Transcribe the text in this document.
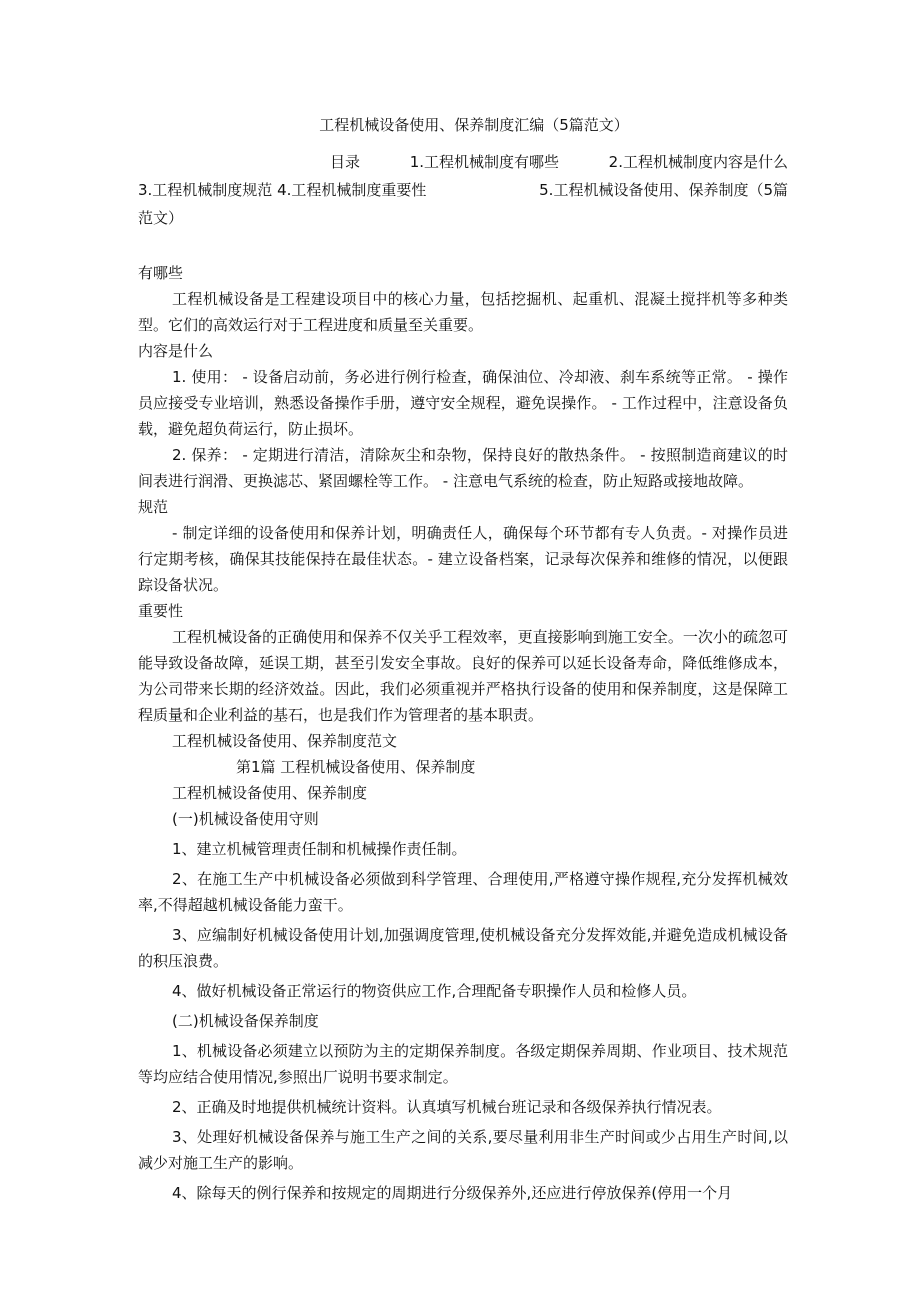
工程机械设备使用、保养制度汇编（5篇范文）
目录	1.工程机械制度有哪些	2.工程机械制度内容是什么
3.工程机械制度规范 4.工程机械制度重要性	5.工程机械设备使用、保养制度（5篇
范文）
有哪些

工程机械设备是工程建设项目中的核心力量，包括挖掘机、起重机、混凝土搅拌机等多种类型。它们的高效运行对于工程进度和质量至关重要。

内容是什么

1. 使用： - 设备启动前，务必进行例行检查，确保油位、冷却液、刹车系统等正常。 - 操作员应接受专业培训，熟悉设备操作手册，遵守安全规程，避免误操作。 - 工作过程中，注意设备负载，避免超负荷运行，防止损坏。

2. 保养： - 定期进行清洁，清除灰尘和杂物，保持良好的散热条件。 - 按照制造商建议的时间表进行润滑、更换滤芯、紧固螺栓等工作。 - 注意电气系统的检查，防止短路或接地故障。

规范

- 制定详细的设备使用和保养计划，明确责任人，确保每个环节都有专人负责。- 对操作员进行定期考核，确保其技能保持在最佳状态。- 建立设备档案，记录每次保养和维修的情况，以便跟踪设备状况。

重要性

工程机械设备的正确使用和保养不仅关乎工程效率，更直接影响到施工安全。一次小的疏忽可能导致设备故障，延误工期，甚至引发安全事故。良好的保养可以延长设备寿命，降低维修成本，为公司带来长期的经济效益。因此，我们必须重视并严格执行设备的使用和保养制度，这是保障工程质量和企业利益的基石，也是我们作为管理者的基本职责。

工程机械设备使用、保养制度范文

第1篇 工程机械设备使用、保养制度

工程机械设备使用、保养制度

(一)机械设备使用守则

1、建立机械管理责任制和机械操作责任制。

2、在施工生产中机械设备必须做到科学管理、合理使用,严格遵守操作规程,充分发挥机械效率,不得超越机械设备能力蛮干。

3、应编制好机械设备使用计划,加强调度管理,使机械设备充分发挥效能,并避免造成机械设备的积压浪费。

4、做好机械设备正常运行的物资供应工作,合理配备专职操作人员和检修人员。

(二)机械设备保养制度

1、机械设备必须建立以预防为主的定期保养制度。各级定期保养周期、作业项目、技术规范等均应结合使用情况,参照出厂说明书要求制定。

2、正确及时地提供机械统计资料。认真填写机械台班记录和各级保养执行情况表。

3、处理好机械设备保养与施工生产之间的关系,要尽量利用非生产时间或少占用生产时间,以减少对施工生产的影响。

4、除每天的例行保养和按规定的周期进行分级保养外,还应进行停放保养(停用一个月
